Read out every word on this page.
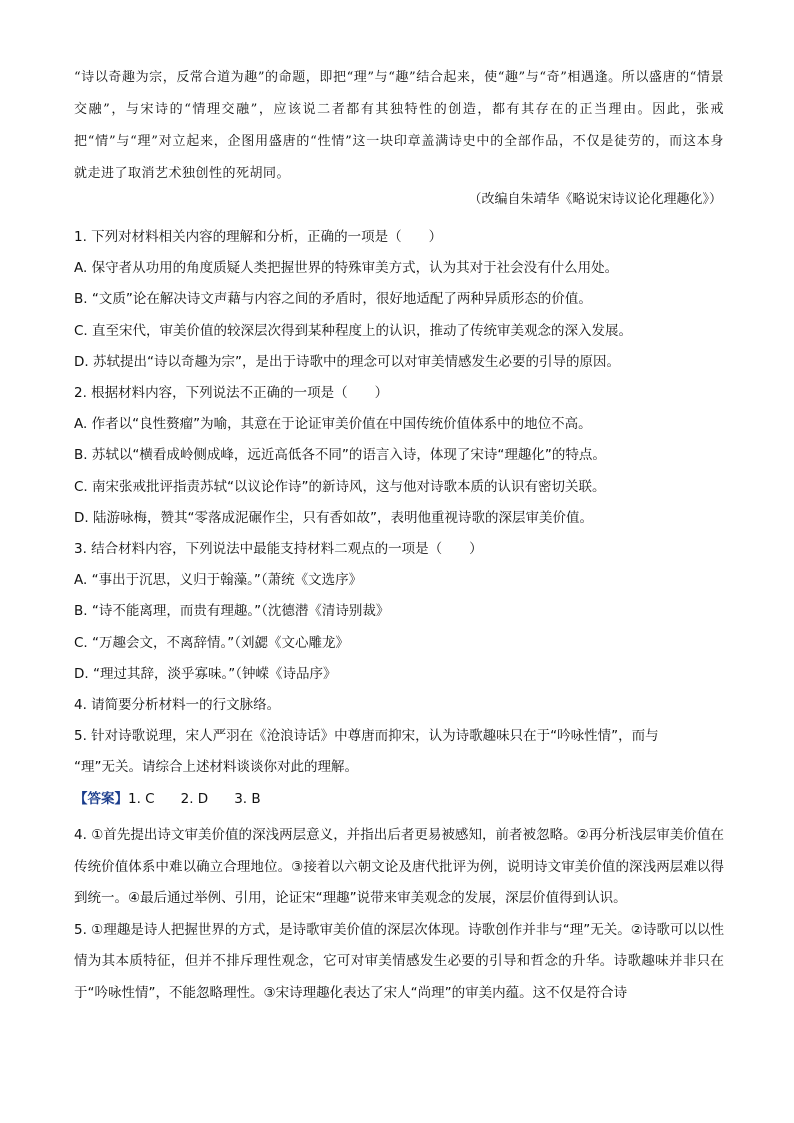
“诗以奇趣为宗，反常合道为趣”的命题，即把“理”与“趣”结合起来，使“趣”与“奇”相遇逢。所以盛唐的“情景交融”，与宋诗的“情理交融”，应该说二者都有其独特性的创造，都有其存在的正当理由。因此，张戒把“情”与“理”对立起来，企图用盛唐的“性情”这一块印章盖满诗史中的全部作品，不仅是徒劳的，而这本身就走进了取消艺术独创性的死胡同。
（改编自朱靖华《略说宋诗议论化理趣化》）
1. 下列对材料相关内容的理解和分析，正确的一项是（　　）
A. 保守者从功用的角度质疑人类把握世界的特殊审美方式，认为其对于社会没有什么用处。
B. “文质”论在解决诗文声藉与内容之间的矛盾时，很好地适配了两种异质形态的价值。
C. 直至宋代，审美价值的较深层次得到某种程度上的认识，推动了传统审美观念的深入发展。
D. 苏轼提出“诗以奇趣为宗”，是出于诗歌中的理念可以对审美情感发生必要的引导的原因。
2. 根据材料内容，下列说法不正确的一项是（　　）
A. 作者以“良性赘瘤”为喻，其意在于论证审美价值在中国传统价值体系中的地位不高。
B. 苏轼以“横看成岭侧成峰，远近高低各不同”的语言入诗，体现了宋诗“理趣化”的特点。
C. 南宋张戒批评指责苏轼“以议论作诗”的新诗风，这与他对诗歌本质的认识有密切关联。
D. 陆游咏梅，赞其“零落成泥碾作尘，只有香如故”，表明他重视诗歌的深层审美价值。
3. 结合材料内容，下列说法中最能支持材料二观点的一项是（　　）
A. “事出于沉思，义归于翰藻。”（萧统《文选序》
B. “诗不能离理，而贵有理趣。”（沈德潜《清诗别裁》
C. “万趣会文，不离辞情。”（刘勰《文心雕龙》
D. “理过其辞，淡乎寡味。”（钟嵘《诗品序》
4. 请简要分析材料一的行文脉络。
5. 针对诗歌说理，宋人严羽在《沧浪诗话》中尊唐而抑宋，认为诗歌趣味只在于“吟咏性情”，而与
“理”无关。请综合上述材料谈谈你对此的理解。
【答案】1. C 2. D 3. B
4. ①首先提出诗文审美价值的深浅两层意义，并指出后者更易被感知，前者被忽略。②再分析浅层审美价值在传统价值体系中难以确立合理地位。③接着以六朝文论及唐代批评为例，说明诗文审美价值的深浅两层难以得到统一。④最后通过举例、引用，论证宋“理趣”说带来审美观念的发展，深层价值得到认识。
5. ①理趣是诗人把握世界的方式，是诗歌审美价值的深层次体现。诗歌创作并非与“理”无关。②诗歌可以以性情为其本质特征，但并不排斥理性观念，它可对审美情感发生必要的引导和哲念的升华。诗歌趣味并非只在于“吟咏性情”，不能忽略理性。③宋诗理趣化表达了宋人“尚理”的审美内蕴。这不仅是符合诗
